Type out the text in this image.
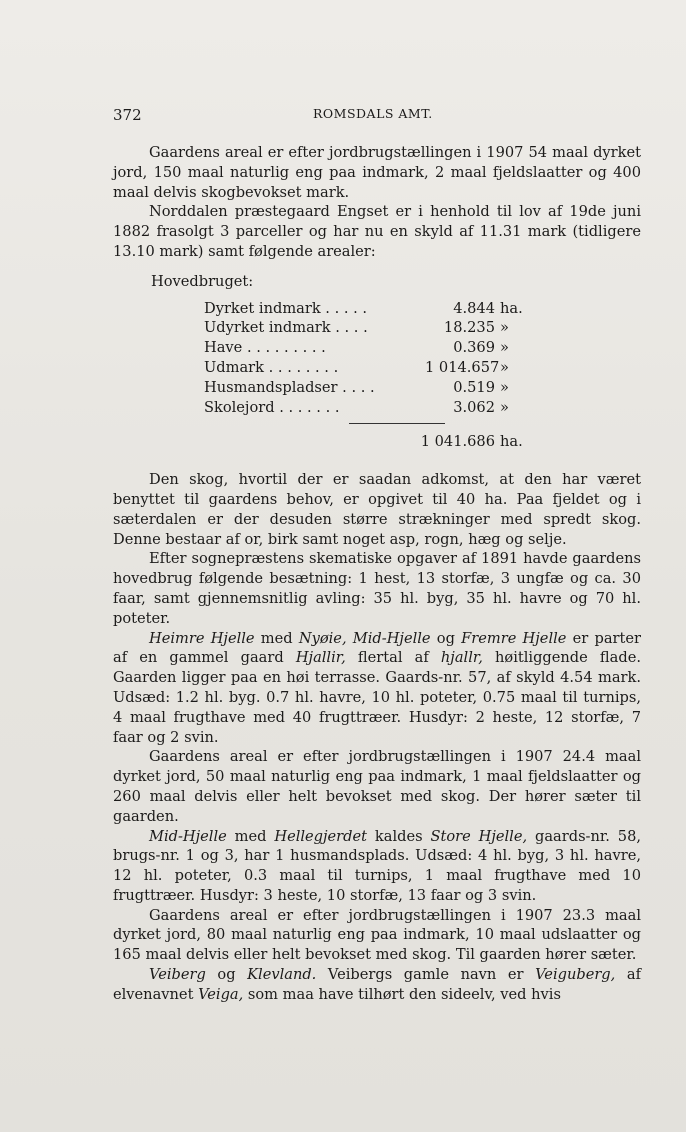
372	ROMSDALS AMT.

Gaardens areal er efter jordbrugstællingen i 1907 54 maal dyrket jord, 150 maal naturlig eng paa indmark, 2 maal fjeldslaatter og 400 maal delvis skogbevokset mark.

Norddalen præstegaard Engset er i henhold til lov af 19de juni 1882 frasolgt 3 parceller og har nu en skyld af 11.31 mark (tidligere 13.10 mark) samt følgende arealer:

Hovedbruget:
Dyrket indmark . . . . .	4.844 ha.
Udyrket indmark . . . .	18.235 »
Have . . . . . . . . .	0.369 »
Udmark . . . . . . . .	1 014.657»
Husmandspladser . . . .	0.519 »
Skolejord . . . . . . .	3.062 »
1 041.686 ha.

Den skog, hvortil der er saadan adkomst, at den har været benyttet til gaardens behov, er opgivet til 40 ha. Paa fjeldet og i sæterdalen er der desuden større strækninger med spredt skog. Denne bestaar af or, birk samt noget asp, rogn, hæg og selje.

Efter sognepræstens skematiske opgaver af 1891 havde gaardens hovedbrug følgende besætning: 1 hest, 13 storfæ, 3 ungfæ og ca. 30 faar, samt gjennemsnitlig avling: 35 hl. byg, 35 hl. havre og 70 hl. poteter.

Heimre Hjelle med Nyøie, Mid-Hjelle og Fremre Hjelle er parter af en gammel gaard Hjallir, flertal af hjallr, høitliggende flade. Gaarden ligger paa en høi terrasse. Gaards-nr. 57, af skyld 4.54 mark. Udsæd: 1.2 hl. byg. 0.7 hl. havre, 10 hl. poteter, 0.75 maal til turnips, 4 maal frugthave med 40 frugttræer. Husdyr: 2 heste, 12 storfæ, 7 faar og 2 svin.

Gaardens areal er efter jordbrugstællingen i 1907 24.4 maal dyrket jord, 50 maal naturlig eng paa indmark, 1 maal fjeldslaatter og 260 maal delvis eller helt bevokset med skog. Der hører sæter til gaarden.

Mid-Hjelle med Hellegjerdet kaldes Store Hjelle, gaards-nr. 58, brugs-nr. 1 og 3, har 1 husmandsplads. Udsæd: 4 hl. byg, 3 hl. havre, 12 hl. poteter, 0.3 maal til turnips, 1 maal frugthave med 10 frugttræer. Husdyr: 3 heste, 10 storfæ, 13 faar og 3 svin.

Gaardens areal er efter jordbrugstællingen i 1907 23.3 maal dyrket jord, 80 maal naturlig eng paa indmark, 10 maal udslaatter og 165 maal delvis eller helt bevokset med skog. Til gaarden hører sæter.

Veiberg og Klevland. Veibergs gamle navn er Veiguberg, af elvenavnet Veiga, som maa have tilhørt den sideelv, ved hvis
